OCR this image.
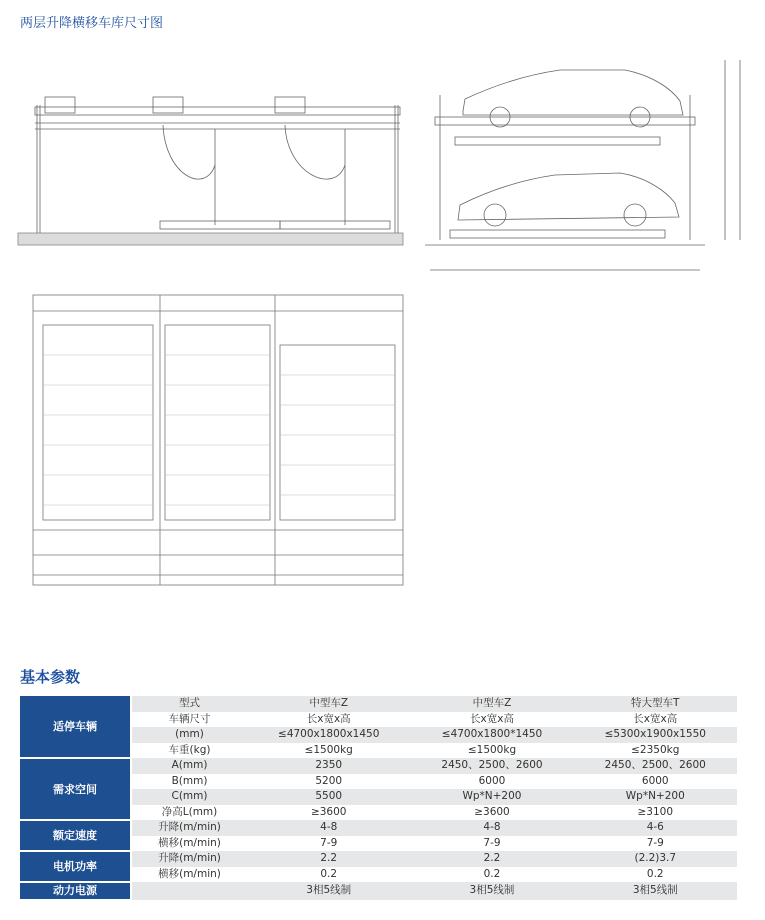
两层升降横移车库尺寸图
基本参数
适停车辆	型式	中型车Z	中型车Z	特大型车T
	车辆尺寸	长x宽x高	长x宽x高	长x宽x高
	(mm)	≤4700x1800x1450	≤4700x1800*1450	≤5300x1900x1550
	车重(kg)	≤1500kg	≤1500kg	≤2350kg
需求空间	A(mm)	2350	2450、2500、2600	2450、2500、2600
	B(mm)	5200	6000	6000
	C(mm)	5500	Wp*N+200	Wp*N+200
	净高L(mm)	≥3600	≥3600	≥3100
额定速度	升降(m/min)	4-8	4-8	4-6
	横移(m/min)	7-9	7-9	7-9
电机功率	升降(m/min)	2.2	2.2	(2.2)3.7
	横移(m/min)	0.2	0.2	0.2
动力电源		3相5线制	3相5线制	3相5线制
